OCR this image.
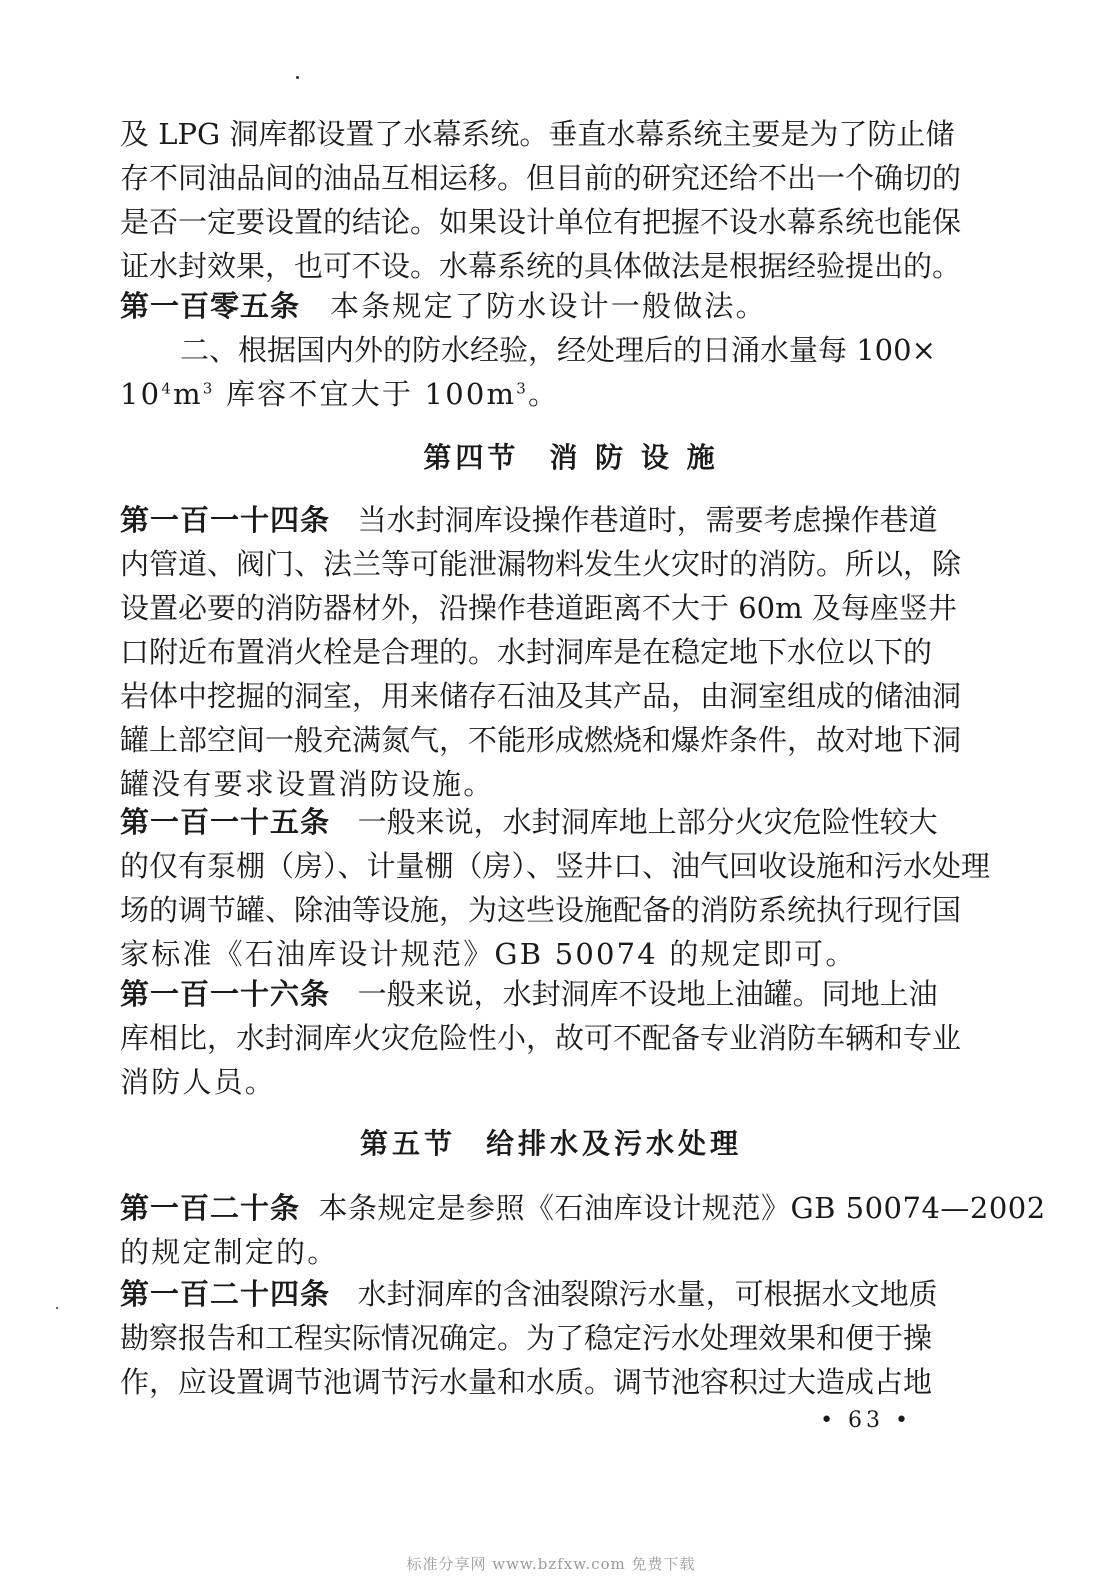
及 LPG 洞库都设置了水幕系统。垂直水幕系统主要是为了防止储
存不同油品间的油品互相运移。但目前的研究还给不出一个确切的
是否一定要设置的结论。如果设计单位有把握不设水幕系统也能保
证水封效果，也可不设。水幕系统的具体做法是根据经验提出的。
第一百零五条 本条规定了防水设计一般做法。
二、根据国内外的防水经验，经处理后的日涌水量每 100×
$10^4m^3$ 库容不宜大于 $100m^3$。
第四节 消 防 设 施
第一百一十四条 当水封洞库设操作巷道时，需要考虑操作巷道
内管道、阀门、法兰等可能泄漏物料发生火灾时的消防。所以，除
设置必要的消防器材外，沿操作巷道距离不大于 60m 及每座竖井
口附近布置消火栓是合理的。水封洞库是在稳定地下水位以下的
岩体中挖掘的洞室，用来储存石油及其产品，由洞室组成的储油洞
罐上部空间一般充满氮气，不能形成燃烧和爆炸条件，故对地下洞
罐没有要求设置消防设施。
第一百一十五条 一般来说，水封洞库地上部分火灾危险性较大
的仅有泵棚（房）、计量棚（房）、竖井口、油气回收设施和污水处理
场的调节罐、除油等设施，为这些设施配备的消防系统执行现行国
家标准《石油库设计规范》GB 50074 的规定即可。
第一百一十六条 一般来说，水封洞库不设地上油罐。同地上油
库相比，水封洞库火灾危险性小，故可不配备专业消防车辆和专业
消防人员。
第五节 给排水及污水处理
第一百二十条 本条规定是参照《石油库设计规范》GB 50074—2002
的规定制定的。
第一百二十四条 水封洞库的含油裂隙污水量，可根据水文地质
勘察报告和工程实际情况确定。为了稳定污水处理效果和便于操
作，应设置调节池调节污水量和水质。调节池容积过大造成占地
• 63 •
标准分享网 www.bzfxw.com 免费下载
